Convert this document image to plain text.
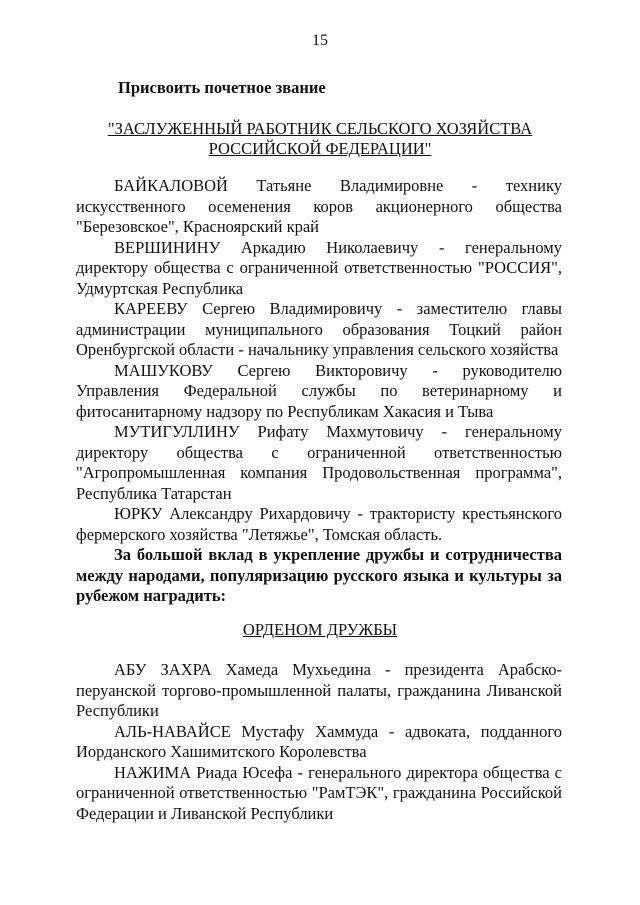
15
Присвоить почетное звание
"ЗАСЛУЖЕННЫЙ РАБОТНИК СЕЛЬСКОГО ХОЗЯЙСТВА
РОССИЙСКОЙ ФЕДЕРАЦИИ"

БАЙКАЛОВОЙ Татьяне Владимировне - технику искусственного осеменения коров акционерного общества "Березовское", Красноярский край

ВЕРШИНИНУ Аркадию Николаевичу - генеральному директору общества с ограниченной ответственностью "РОССИЯ", Удмуртская Республика

КАРЕЕВУ Сергею Владимировичу - заместителю главы администрации муниципального образования Тоцкий район Оренбургской области - начальнику управления сельского хозяйства

МАШУКОВУ Сергею Викторовичу - руководителю Управления Федеральной службы по ветеринарному и фитосанитарному надзору по Республикам Хакасия и Тыва

МУТИГУЛЛИНУ Рифату Махмутовичу - генеральному директору общества с ограниченной ответственностью "Агропромышленная компания Продовольственная программа", Республика Татарстан

ЮРКУ Александру Рихардовичу - трактористу крестьянского фермерского хозяйства "Летяжье", Томская область.

За большой вклад в укрепление дружбы и сотрудничества между народами, популяризацию русского языка и культуры за рубежом наградить:

ОРДЕНОМ ДРУЖБЫ

АБУ ЗАХРА Хамеда Мухьедина - президента Арабско-перуанской торгово-промышленной палаты, гражданина Ливанской Республики

АЛЬ-НАВАЙСЕ Мустафу Хаммуда - адвоката, подданного Иорданского Хашимитского Королевства

НАЖИМА Риада Юсефа - генерального директора общества с ограниченной ответственностью "РамТЭК", гражданина Российской Федерации и Ливанской Республики
